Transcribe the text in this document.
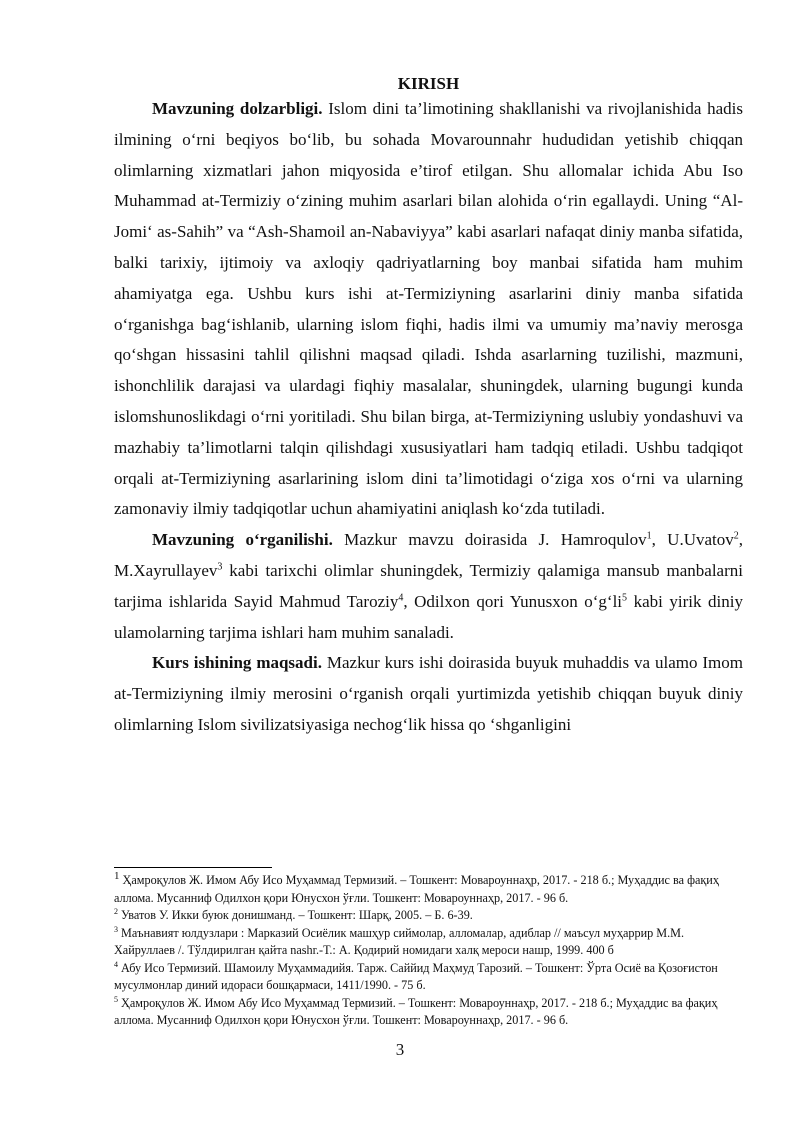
KIRISH

Mavzuning dolzarbligi. Islom dini ta’limotining shakllanishi va rivojlanishida hadis ilmining o‘rni beqiyos bo‘lib, bu sohada Movarounnahr hududidan yetishib chiqqan olimlarning xizmatlari jahon miqyosida e’tirof etilgan. Shu allomalar ichida Abu Iso Muhammad at-Termiziy o‘zining muhim asarlari bilan alohida o‘rin egallaydi. Uning “Al-Jomi‘ as-Sahih” va “Ash-Shamoil an-Nabaviyya” kabi asarlari nafaqat diniy manba sifatida, balki tarixiy, ijtimoiy va axloqiy qadriyatlarning boy manbai sifatida ham muhim ahamiyatga ega. Ushbu kurs ishi at-Termiziyning asarlarini diniy manba sifatida o‘rganishga bag‘ishlanib, ularning islom fiqhi, hadis ilmi va umumiy ma’naviy merosga qo‘shgan hissasini tahlil qilishni maqsad qiladi. Ishda asarlarning tuzilishi, mazmuni, ishonchlilik darajasi va ulardagi fiqhiy masalalar, shuningdek, ularning bugungi kunda islomshunoslikdagi o‘rni yoritiladi. Shu bilan birga, at-Termiziyning uslubiy yondashuvi va mazhabiy ta’limotlarni talqin qilishdagi xususiyatlari ham tadqiq etiladi. Ushbu tadqiqot orqali at-Termiziyning asarlarining islom dini ta’limotidagi o‘ziga xos o‘rni va ularning zamonaviy ilmiy tadqiqotlar uchun ahamiyatini aniqlash ko‘zda tutiladi.

Mavzuning o‘rganilishi. Mazkur mavzu doirasida J. Hamroqulov$^1$, U.Uvatov$^2$, M.Xayrullayev$^3$ kabi tarixchi olimlar shuningdek, Termiziy qalamiga mansub manbalarni tarjima ishlarida Sayid Mahmud Taroziy$^4$, Odilxon qori Yunusxon $o‘g‘li^5$ kabi yirik diniy ulamolarning tarjima ishlari ham muhim sanaladi.

Kurs ishining maqsadi. Mazkur kurs ishi doirasida buyuk muhaddis va ulamo Imom at-Termiziyning ilmiy merosini o‘rganish orqali yurtimizda yetishib chiqqan buyuk diniy olimlarning Islom sivilizatsiyasiga nechog‘lik hissa qo ‘shganligini

$^1$ Ҳамроқулов Ж. Имом Абу Исо Муҳаммад Термизий. – Тошкент: Мовароуннаҳр, 2017. - 218 б.; Муҳаддис ва фақиҳ аллома. Мусанниф Одилхон қори Юнусхон ўғли. Тошкент: Мовароуннаҳр, 2017. - 96 б.

$^2$ Уватов У. Икки буюк донишманд. – Тошкент: Шарқ, 2005. – Б. 6-39.

$^3$ Маънавият юлдузлари : Марказий Осиёлик машҳур сиймолар, алломалар, адиблар // маъсул муҳаррир М.М. Хайруллаев /. Тўлдирилган қайта nashr.-Т.: А. Қодирий номидаги халқ мероси нашр, 1999. 400 б

$^4$ Абу Исо Термизий. Шамоилу Муҳаммадийя. Тарж. Саййид Маҳмуд Тарозий. – Тошкент: Ўрта Осиё ва Қозоғистон мусулмонлар диний идораси бошқармаси, 1411/1990. - 75 б.

$^5$ Ҳамроқулов Ж. Имом Абу Исо Муҳаммад Термизий. – Тошкент: Мовароуннаҳр, 2017. - 218 б.; Муҳаддис ва фақиҳ аллома. Мусанниф Одилхон қори Юнусхон ўғли. Тошкент: Мовароуннаҳр, 2017. - 96 б.

3
